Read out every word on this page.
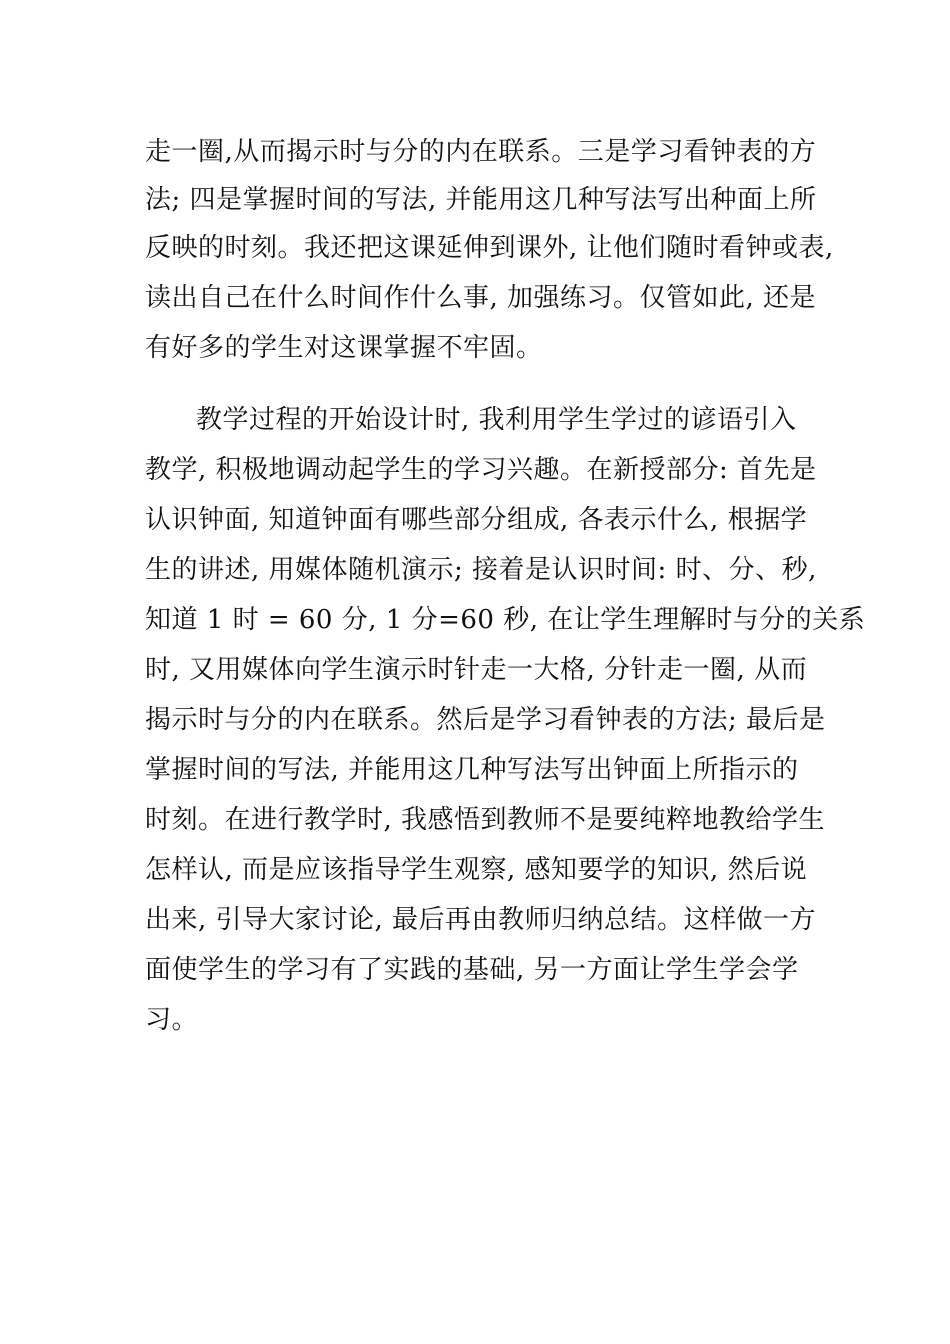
走一圈,从而揭示时与分的内在联系。三是学习看钟表的方
法; 四是掌握时间的写法, 并能用这几种写法写出种面上所
反映的时刻。我还把这课延伸到课外, 让他们随时看钟或表,
读出自己在什么时间作什么事, 加强练习。仅管如此, 还是
有好多的学生对这课掌握不牢固。
教学过程的开始设计时, 我利用学生学过的谚语引入
教学, 积极地调动起学生的学习兴趣。在新授部分: 首先是
认识钟面, 知道钟面有哪些部分组成, 各表示什么, 根据学
生的讲述, 用媒体随机演示; 接着是认识时间: 时、分、秒,
知道 1 时 = 60 分, 1 分=60 秒, 在让学生理解时与分的关系
时, 又用媒体向学生演示时针走一大格, 分针走一圈, 从而
揭示时与分的内在联系。然后是学习看钟表的方法; 最后是
掌握时间的写法, 并能用这几种写法写出钟面上所指示的
时刻。在进行教学时, 我感悟到教师不是要纯粹地教给学生
怎样认, 而是应该指导学生观察, 感知要学的知识, 然后说
出来, 引导大家讨论, 最后再由教师归纳总结。这样做一方
面使学生的学习有了实践的基础, 另一方面让学生学会学
习。
